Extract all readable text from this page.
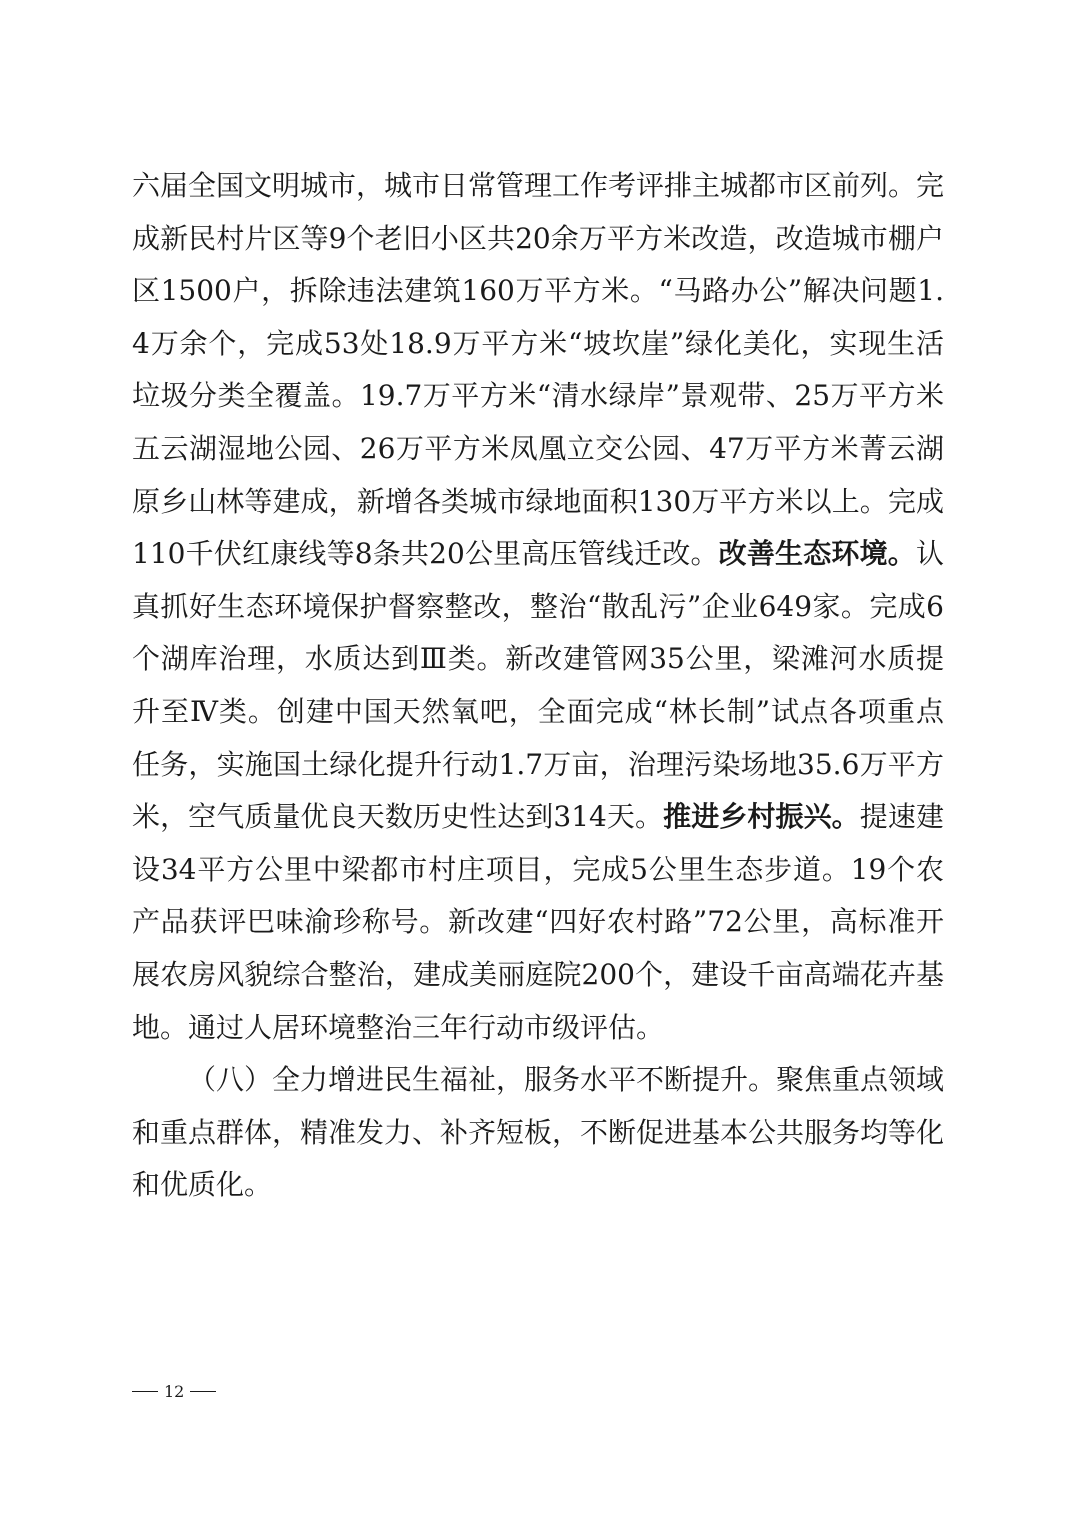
六届全国文明城市，城市日常管理工作考评排主城都市区前列。完成新民村片区等9个老旧小区共20余万平方米改造，改造城市棚户区1500户，拆除违法建筑160万平方米。“马路办公”解决问题1.4万余个，完成53处18.9万平方米“坡坎崖”绿化美化，实现生活垃圾分类全覆盖。19.7万平方米“清水绿岸”景观带、25万平方米五云湖湿地公园、26万平方米凤凰立交公园、47万平方米菁云湖原乡山林等建成，新增各类城市绿地面积130万平方米以上。完成110千伏红康线等8条共20公里高压管线迁改。改善生态环境。认真抓好生态环境保护督察整改，整治“散乱污”企业649家。完成6个湖库治理，水质达到Ⅲ类。新改建管网35公里，梁滩河水质提升至Ⅳ类。创建中国天然氧吧，全面完成“林长制”试点各项重点任务，实施国土绿化提升行动1.7万亩，治理污染场地35.6万平方米，空气质量优良天数历史性达到314天。推进乡村振兴。提速建设34平方公里中梁都市村庄项目，完成5公里生态步道。19个农产品获评巴味渝珍称号。新改建“四好农村路”72公里，高标准开展农房风貌综合整治，建成美丽庭院200个，建设千亩高端花卉基地。通过人居环境整治三年行动市级评估。

（八）全力增进民生福祉，服务水平不断提升。聚焦重点领域和重点群体，精准发力、补齐短板，不断促进基本公共服务均等化和优质化。

12
